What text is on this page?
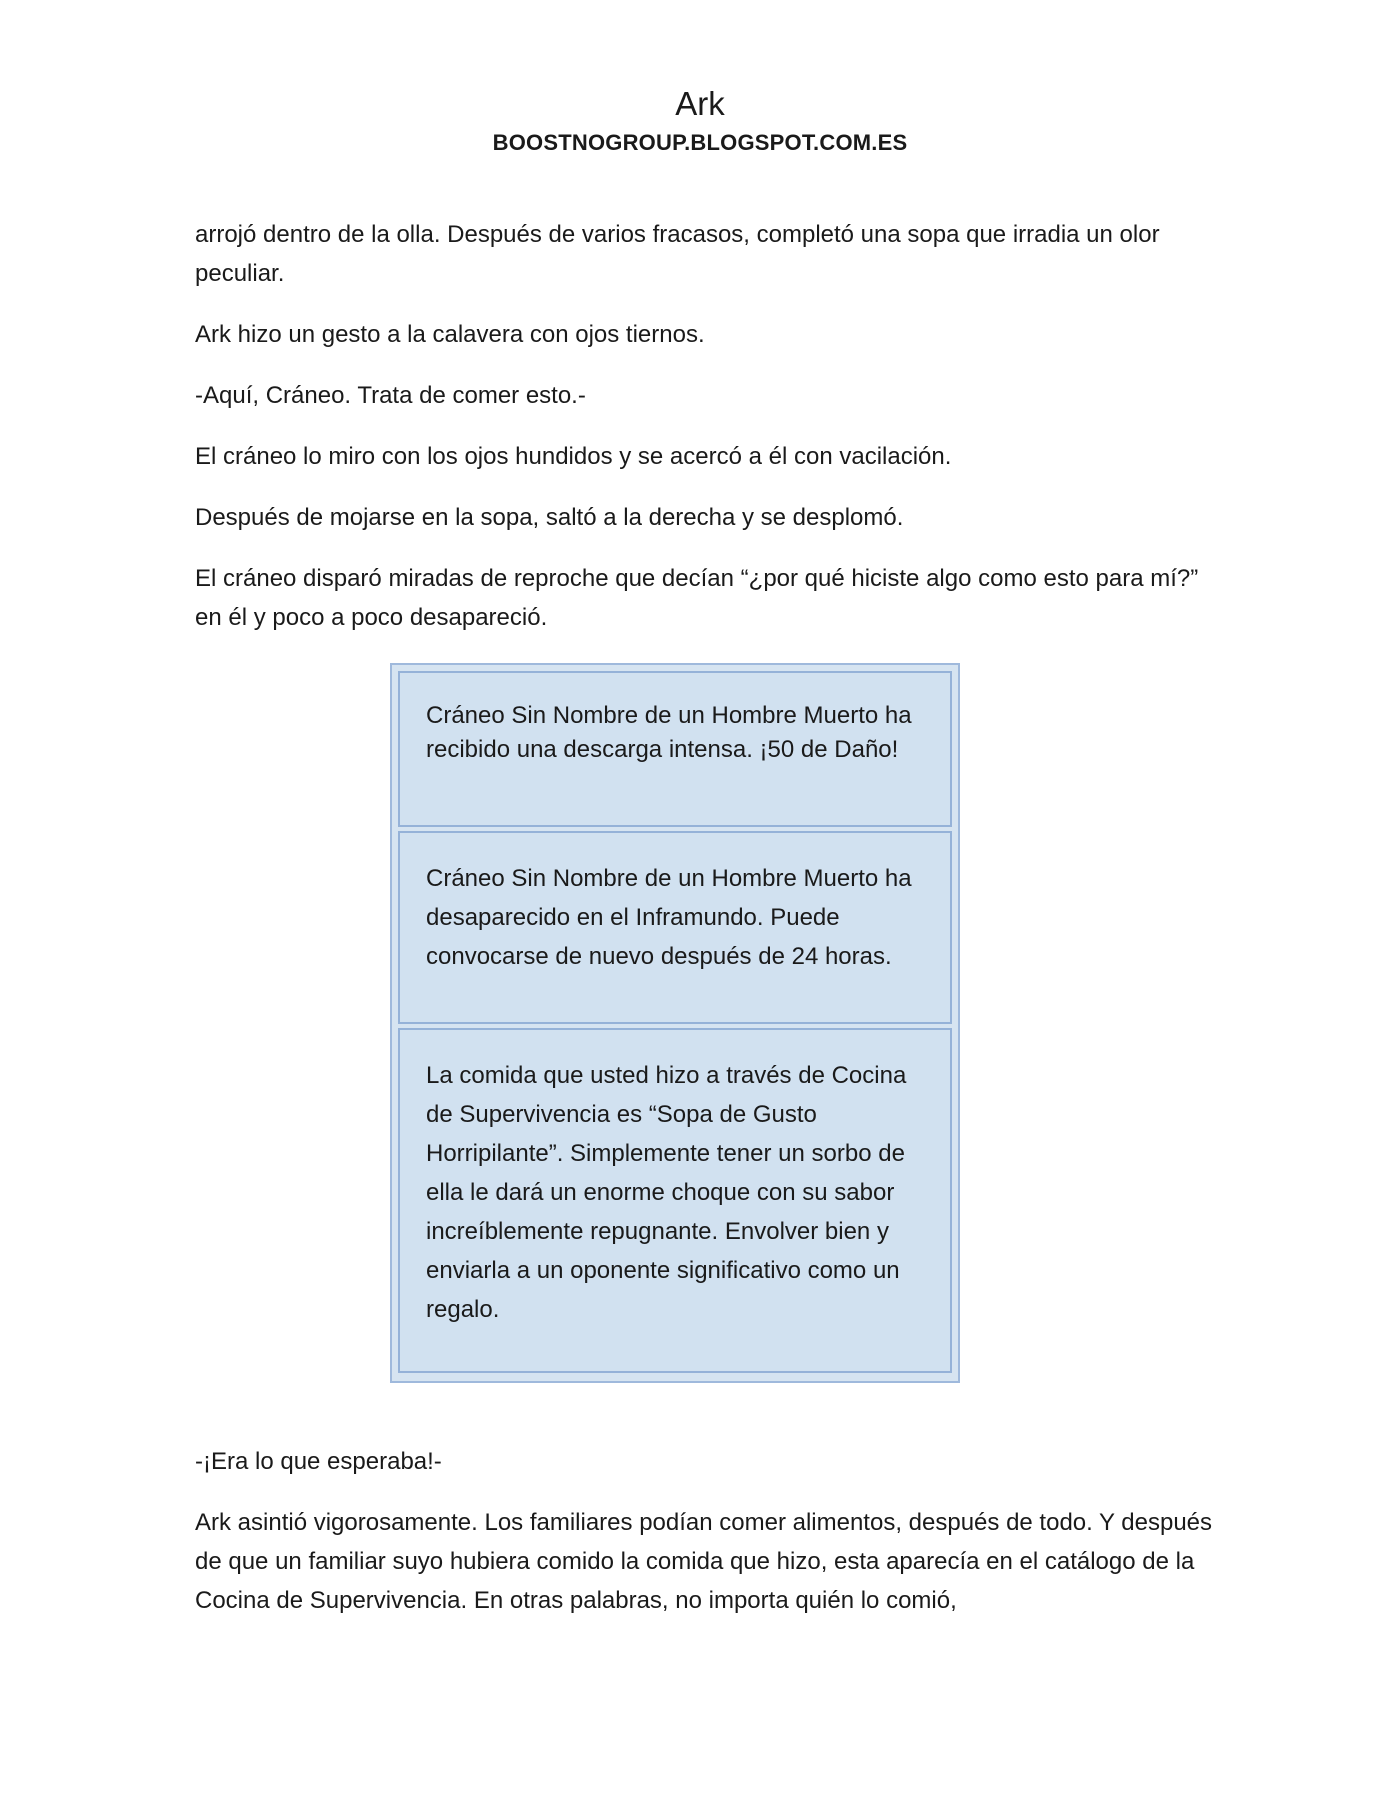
Ark
BOOSTNOGROUP.BLOGSPOT.COM.ES

arrojó dentro de la olla. Después de varios fracasos, completó una sopa que irradia un olor peculiar.

Ark hizo un gesto a la calavera con ojos tiernos.

-Aquí, Cráneo. Trata de comer esto.-

El cráneo lo miro con los ojos hundidos y se acercó a él con vacilación.

Después de mojarse en la sopa, saltó a la derecha y se desplomó.

El cráneo disparó miradas de reproche que decían “¿por qué hiciste algo como esto para mí?” en él y poco a poco desapareció.

Cráneo Sin Nombre de un Hombre Muerto ha recibido una descarga intensa. ¡50 de Daño!
Cráneo Sin Nombre de un Hombre Muerto ha desaparecido en el Inframundo. Puede convocarse de nuevo después de 24 horas.
La comida que usted hizo a través de Cocina de Supervivencia es “Sopa de Gusto Horripilante”. Simplemente tener un sorbo de ella le dará un enorme choque con su sabor increíblemente repugnante. Envolver bien y enviarla a un oponente significativo como un regalo.

-¡Era lo que esperaba!-

Ark asintió vigorosamente. Los familiares podían comer alimentos, después de todo. Y después de que un familiar suyo hubiera comido la comida que hizo, esta aparecía en el catálogo de la Cocina de Supervivencia. En otras palabras, no importa quién lo comió,
